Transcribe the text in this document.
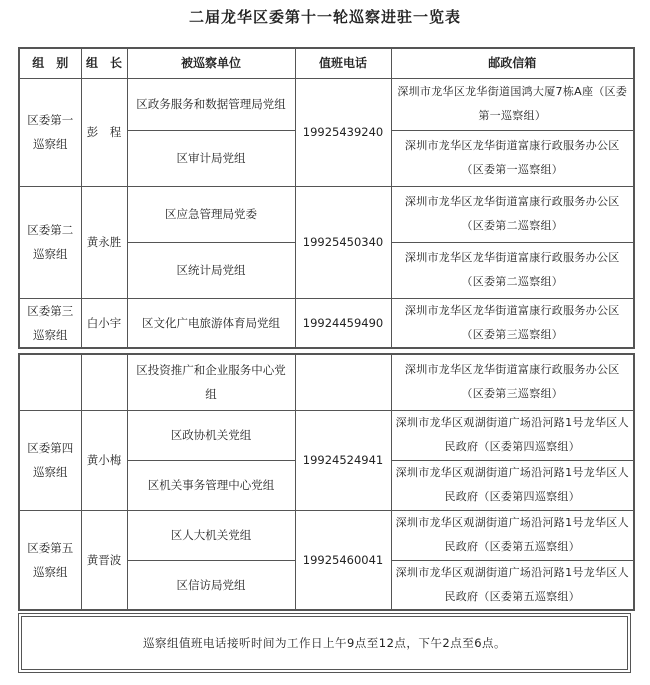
二届龙华区委第十一轮巡察进驻一览表
组　别	组　长	被巡察单位	值班电话	邮政信箱
区委第一巡察组	彭　程	区政务服务和数据管理局党组	19925439240	深圳市龙华区龙华街道国鸿大厦7栋A座（区委第一巡察组）
		区审计局党组		深圳市龙华区龙华街道富康行政服务办公区（区委第一巡察组）
区委第二巡察组	黄永胜	区应急管理局党委	19925450340	深圳市龙华区龙华街道富康行政服务办公区（区委第二巡察组）
		区统计局党组		深圳市龙华区龙华街道富康行政服务办公区（区委第二巡察组）
区委第三巡察组	白小宇	区文化广电旅游体育局党组	19924459490	深圳市龙华区龙华街道富康行政服务办公区（区委第三巡察组）
		区投资推广和企业服务中心党组		深圳市龙华区龙华街道富康行政服务办公区（区委第三巡察组）
区委第四巡察组	黄小梅	区政协机关党组	19924524941	深圳市龙华区观湖街道广场沿河路1号龙华区人民政府（区委第四巡察组）
		区机关事务管理中心党组		深圳市龙华区观湖街道广场沿河路1号龙华区人民政府（区委第四巡察组）
区委第五巡察组	黄晋波	区人大机关党组	19925460041	深圳市龙华区观湖街道广场沿河路1号龙华区人民政府（区委第五巡察组）
		区信访局党组		深圳市龙华区观湖街道广场沿河路1号龙华区人民政府（区委第五巡察组）
巡察组值班电话接听时间为工作日上午9点至12点，下午2点至6点。
